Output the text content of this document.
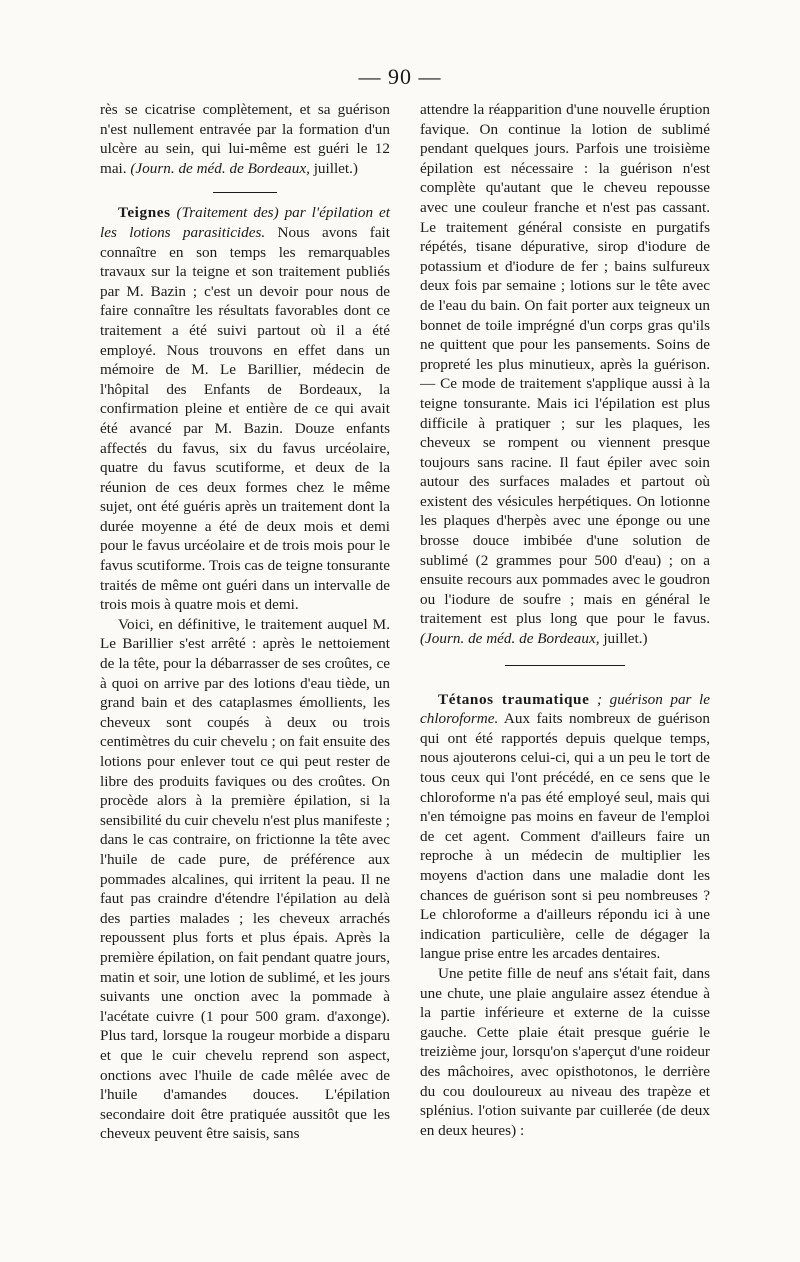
— 90 —

rès se cicatrise complètement, et sa guérison n'est nullement entravée par la formation d'un ulcère au sein, qui lui-même est guéri le 12 mai. (Journ. de méd. de Bordeaux, juillet.)

Teignes (Traitement des) par l'épilation et les lotions parasiticides. Nous avons fait connaître en son temps les remarquables travaux sur la teigne et son traitement publiés par M. Bazin ; c'est un devoir pour nous de faire connaître les résultats favorables dont ce traitement a été suivi partout où il a été employé. Nous trouvons en effet dans un mémoire de M. Le Barillier, médecin de l'hôpital des Enfants de Bordeaux, la confirmation pleine et entière de ce qui avait été avancé par M. Bazin. Douze enfants affectés du favus, six du favus urcéolaire, quatre du favus scutiforme, et deux de la réunion de ces deux formes chez le même sujet, ont été guéris après un traitement dont la durée moyenne a été de deux mois et demi pour le favus urcéolaire et de trois mois pour le favus scutiforme. Trois cas de teigne tonsurante traités de même ont guéri dans un intervalle de trois mois à quatre mois et demi.

Voici, en définitive, le traitement auquel M. Le Barillier s'est arrêté : après le nettoiement de la tête, pour la débarrasser de ses croûtes, ce à quoi on arrive par des lotions d'eau tiède, un grand bain et des cataplasmes émollients, les cheveux sont coupés à deux ou trois centimètres du cuir chevelu ; on fait ensuite des lotions pour enlever tout ce qui peut rester de libre des produits faviques ou des croûtes. On procède alors à la première épilation, si la sensibilité du cuir chevelu n'est plus manifeste ; dans le cas contraire, on frictionne la tête avec l'huile de cade pure, de préférence aux pommades alcalines, qui irritent la peau. Il ne faut pas craindre d'étendre l'épilation au delà des parties malades ; les cheveux arrachés repoussent plus forts et plus épais. Après la première épilation, on fait pendant quatre jours, matin et soir, une lotion de sublimé, et les jours suivants une onction avec la pommade à l'acétate cuivre (1 pour 500 gram. d'axonge). Plus tard, lorsque la rougeur morbide a disparu et que le cuir chevelu reprend son aspect, onctions avec l'huile de cade mêlée avec de l'huile d'amandes douces. L'épilation secondaire doit être pratiquée aussitôt que les cheveux peuvent être saisis, sans

attendre la réapparition d'une nouvelle éruption favique. On continue la lotion de sublimé pendant quelques jours. Parfois une troisième épilation est nécessaire : la guérison n'est complète qu'autant que le cheveu repousse avec une couleur franche et n'est pas cassant. Le traitement général consiste en purgatifs répétés, tisane dépurative, sirop d'iodure de potassium et d'iodure de fer ; bains sulfureux deux fois par semaine ; lotions sur le tête avec de l'eau du bain. On fait porter aux teigneux un bonnet de toile imprégné d'un corps gras qu'ils ne quittent que pour les pansements. Soins de propreté les plus minutieux, après la guérison. — Ce mode de traitement s'applique aussi à la teigne tonsurante. Mais ici l'épilation est plus difficile à pratiquer ; sur les plaques, les cheveux se rompent ou viennent presque toujours sans racine. Il faut épiler avec soin autour des surfaces malades et partout où existent des vésicules herpétiques. On lotionne les plaques d'herpès avec une éponge ou une brosse douce imbibée d'une solution de sublimé (2 grammes pour 500 d'eau) ; on a ensuite recours aux pommades avec le goudron ou l'iodure de soufre ; mais en général le traitement est plus long que pour le favus. (Journ. de méd. de Bordeaux, juillet.)

Tétanos traumatique ; guérison par le chloroforme. Aux faits nombreux de guérison qui ont été rapportés depuis quelque temps, nous ajouterons celui-ci, qui a un peu le tort de tous ceux qui l'ont précédé, en ce sens que le chloroforme n'a pas été employé seul, mais qui n'en témoigne pas moins en faveur de l'emploi de cet agent. Comment d'ailleurs faire un reproche à un médecin de multiplier les moyens d'action dans une maladie dont les chances de guérison sont si peu nombreuses ? Le chloroforme a d'ailleurs répondu ici à une indication particulière, celle de dégager la langue prise entre les arcades dentaires.

Une petite fille de neuf ans s'était fait, dans une chute, une plaie angulaire assez étendue à la partie inférieure et externe de la cuisse gauche. Cette plaie était presque guérie le treizième jour, lorsqu'on s'aperçut d'une roideur des mâchoires, avec opisthotonos, le derrière du cou douloureux au niveau des trapèze et splénius. l'otion suivante par cuillerée (de deux en deux heures) :
